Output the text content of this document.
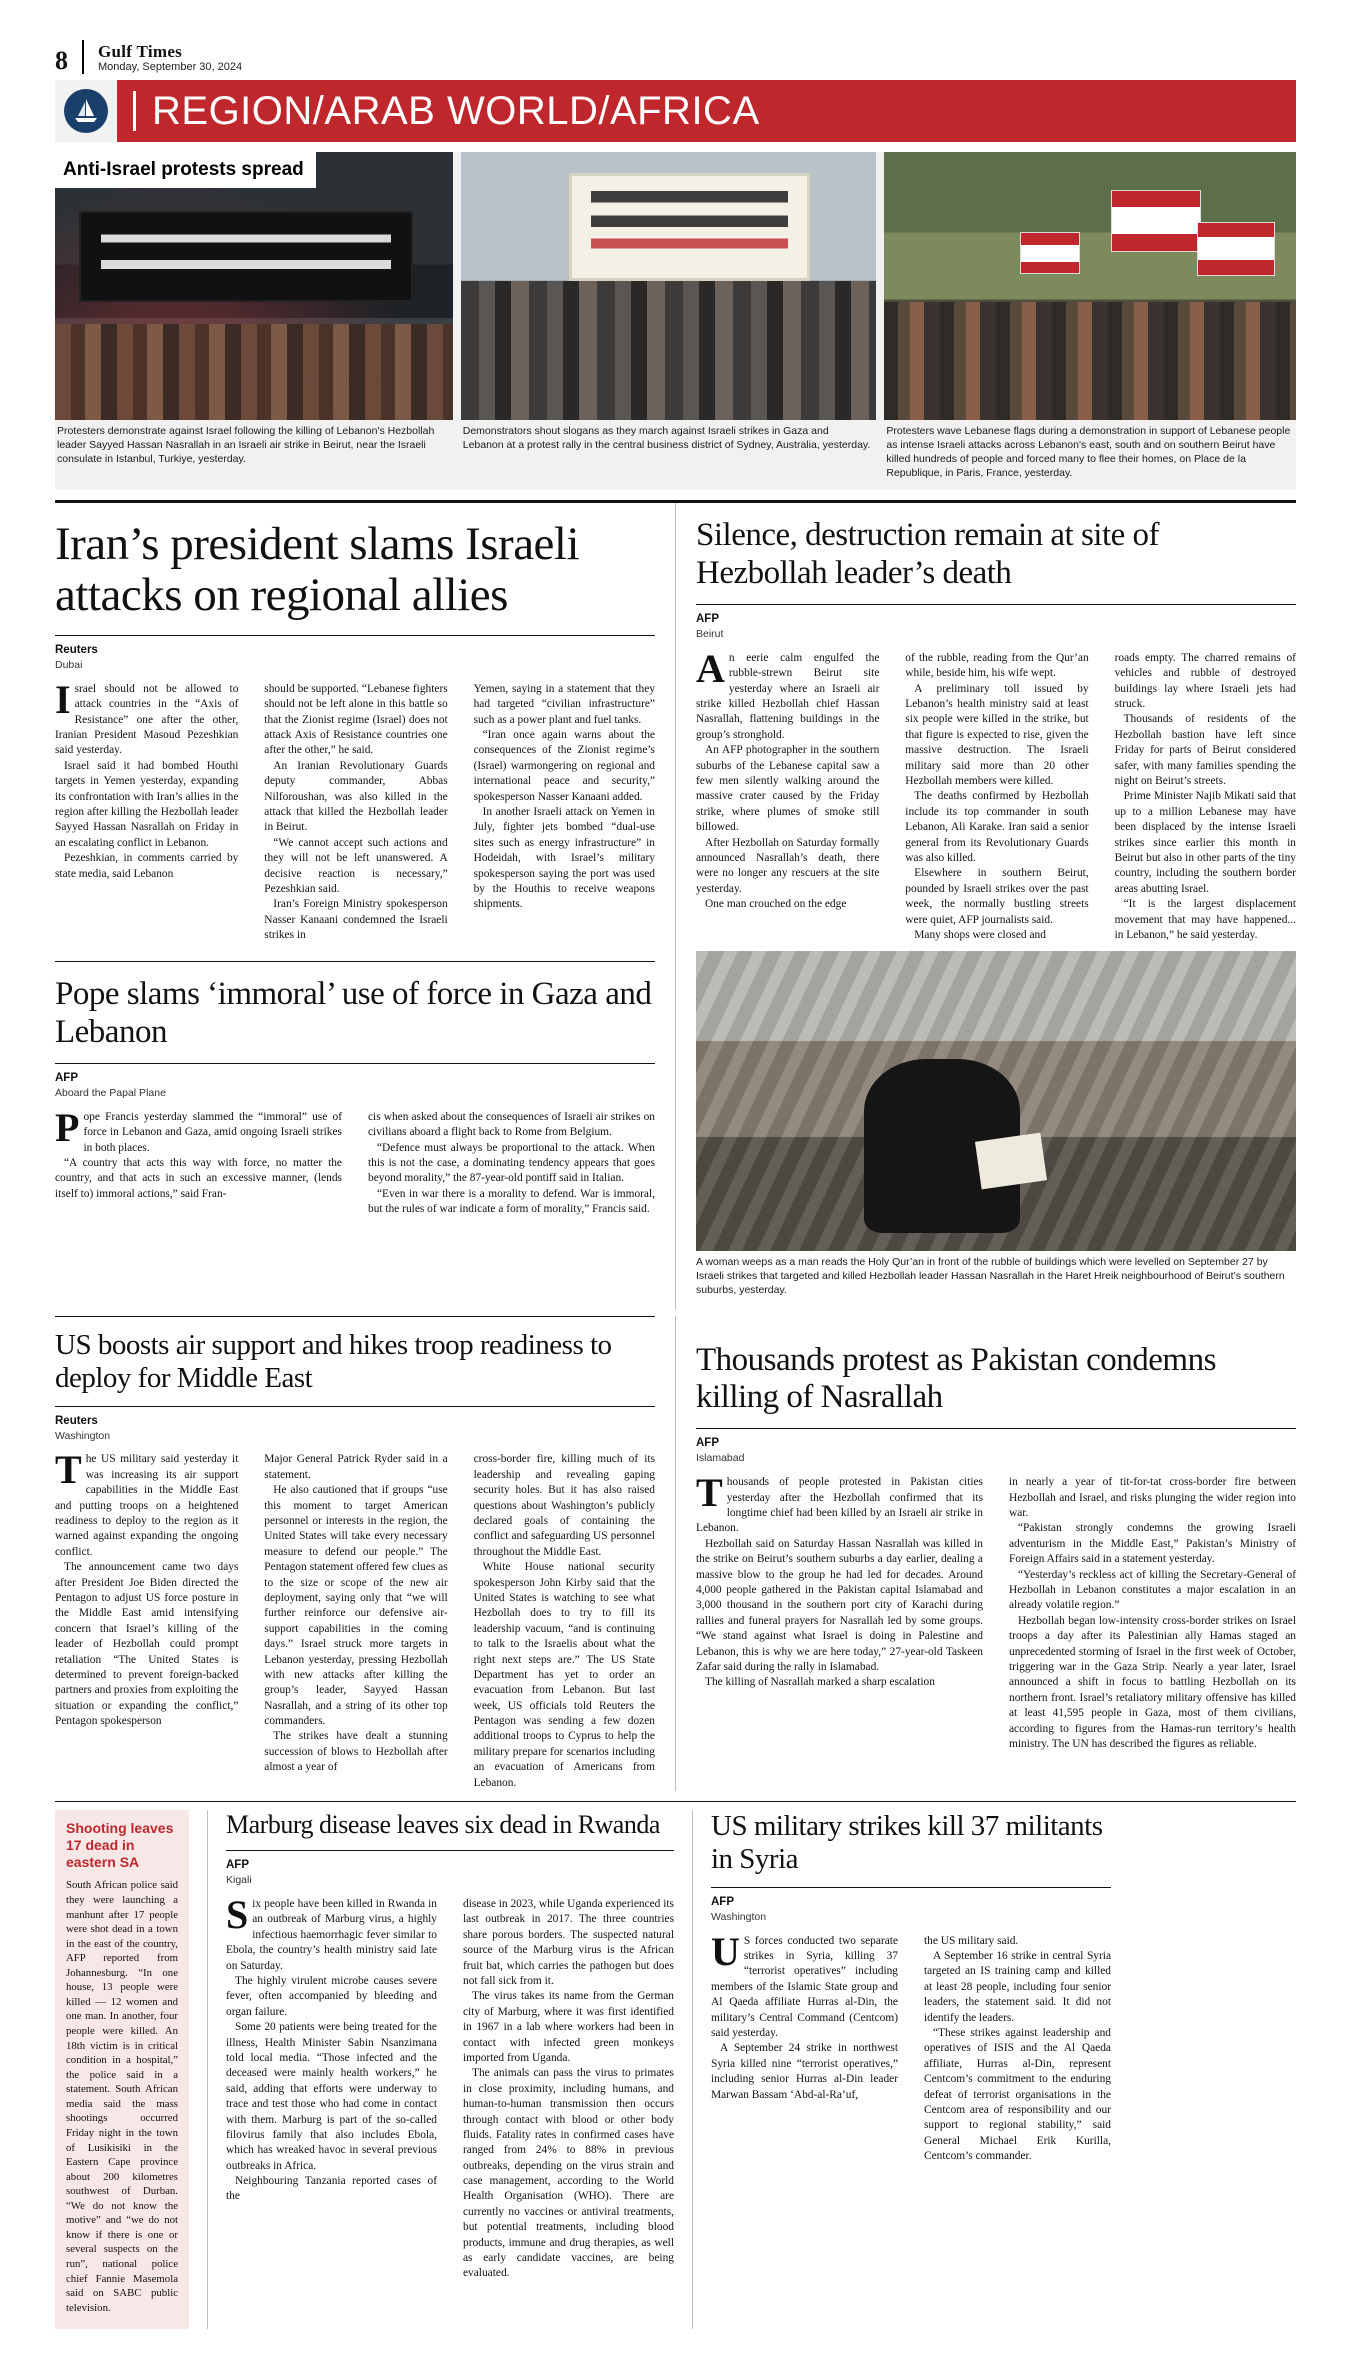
8 Gulf Times
Monday, September 30, 2024
REGION/ARAB WORLD/AFRICA
Anti-Israel protests spread
Protesters demonstrate against Israel following the killing of Lebanon's Hezbollah leader Sayyed Hassan Nasrallah in an Israeli air strike in Beirut, near the Israeli consulate in Istanbul, Turkiye, yesterday.
Demonstrators shout slogans as they march against Israeli strikes in Gaza and Lebanon at a protest rally in the central business district of Sydney, Australia, yesterday.
Protesters wave Lebanese flags during a demonstration in support of Lebanese people as intense Israeli attacks across Lebanon's east, south and on southern Beirut have killed hundreds of people and forced many to flee their homes, on Place de la Republique, in Paris, France, yesterday.
Iran’s president slams Israeli attacks on regional allies
Reuters
Dubai

Israel should not be allowed to attack countries in the “Axis of Resistance” one after the other, Iranian President Masoud Pezeshkian said yesterday.

Israel said it had bombed Houthi targets in Yemen yesterday, expanding its confrontation with Iran’s allies in the region after killing the Hezbollah leader Sayyed Hassan Nasrallah on Friday in an escalating conflict in Lebanon.

Pezeshkian, in comments carried by state media, said Lebanon

should be supported. “Lebanese fighters should not be left alone in this battle so that the Zionist regime (Israel) does not attack Axis of Resistance countries one after the other,” he said.

An Iranian Revolutionary Guards deputy commander, Abbas Nilforoushan, was also killed in the attack that killed the Hezbollah leader in Beirut.

“We cannot accept such actions and they will not be left unanswered. A decisive reaction is necessary,” Pezeshkian said.

Iran’s Foreign Ministry spokesperson Nasser Kanaani condemned the Israeli strikes in

Yemen, saying in a statement that they had targeted “civilian infrastructure” such as a power plant and fuel tanks.

“Iran once again warns about the consequences of the Zionist regime’s (Israel) warmongering on regional and international peace and security,” spokesperson Nasser Kanaani added.

In another Israeli attack on Yemen in July, fighter jets bombed “dual-use sites such as energy infrastructure” in Hodeidah, with Israel’s military spokesperson saying the port was used by the Houthis to receive weapons shipments.

Pope slams ‘immoral’ use of force in Gaza and Lebanon
AFP
Aboard the Papal Plane

Pope Francis yesterday slammed the “immoral” use of force in Lebanon and Gaza, amid ongoing Israeli strikes in both places.

“A country that acts this way with force, no matter the country, and that acts in such an excessive manner, (lends itself to) immoral actions,” said Fran-

cis when asked about the consequences of Israeli air strikes on civilians aboard a flight back to Rome from Belgium.

“Defence must always be proportional to the attack. When this is not the case, a dominating tendency appears that goes beyond morality,” the 87-year-old pontiff said in Italian.

“Even in war there is a morality to defend. War is immoral, but the rules of war indicate a form of morality,” Francis said.

Silence, destruction remain at site of Hezbollah leader’s death
AFP
Beirut

An eerie calm engulfed the rubble-strewn Beirut site yesterday where an Israeli air strike killed Hezbollah chief Hassan Nasrallah, flattening buildings in the group’s stronghold.

An AFP photographer in the southern suburbs of the Lebanese capital saw a few men silently walking around the massive crater caused by the Friday strike, where plumes of smoke still billowed.

After Hezbollah on Saturday formally announced Nasrallah’s death, there were no longer any rescuers at the site yesterday.

One man crouched on the edge

of the rubble, reading from the Qur’an while, beside him, his wife wept.

A preliminary toll issued by Lebanon’s health ministry said at least six people were killed in the strike, but that figure is expected to rise, given the massive destruction. The Israeli military said more than 20 other Hezbollah members were killed.

The deaths confirmed by Hezbollah include its top commander in south Lebanon, Ali Karake. Iran said a senior general from its Revolutionary Guards was also killed.

Elsewhere in southern Beirut, pounded by Israeli strikes over the past week, the normally bustling streets were quiet, AFP journalists said.

Many shops were closed and

roads empty. The charred remains of vehicles and rubble of destroyed buildings lay where Israeli jets had struck.

Thousands of residents of the Hezbollah bastion have left since Friday for parts of Beirut considered safer, with many families spending the night on Beirut’s streets.

Prime Minister Najib Mikati said that up to a million Lebanese may have been displaced by the intense Israeli strikes since earlier this month in Beirut but also in other parts of the tiny country, including the southern border areas abutting Israel.

“It is the largest displacement movement that may have happened... in Lebanon,” he said yesterday.

A woman weeps as a man reads the Holy Qur’an in front of the rubble of buildings which were levelled on September 27 by Israeli strikes that targeted and killed Hezbollah leader Hassan Nasrallah in the Haret Hreik neighbourhood of Beirut’s southern suburbs, yesterday.
US boosts air support and hikes troop readiness to deploy for Middle East
Reuters
Washington

The US military said yesterday it was increasing its air support capabilities in the Middle East and putting troops on a heightened readiness to deploy to the region as it warned against expanding the ongoing conflict.

The announcement came two days after President Joe Biden directed the Pentagon to adjust US force posture in the Middle East amid intensifying concern that Israel’s killing of the leader of Hezbollah could prompt retaliation “The United States is determined to prevent foreign-backed partners and proxies from exploiting the situation or expanding the conflict,” Pentagon spokesperson

Major General Patrick Ryder said in a statement.

He also cautioned that if groups “use this moment to target American personnel or interests in the region, the United States will take every necessary measure to defend our people.” The Pentagon statement offered few clues as to the size or scope of the new air deployment, saying only that “we will further reinforce our defensive air-support capabilities in the coming days.” Israel struck more targets in Lebanon yesterday, pressing Hezbollah with new attacks after killing the group’s leader, Sayyed Hassan Nasrallah, and a string of its other top commanders.

The strikes have dealt a stunning succession of blows to Hezbollah after almost a year of

cross-border fire, killing much of its leadership and revealing gaping security holes. But it has also raised questions about Washington’s publicly declared goals of containing the conflict and safeguarding US personnel throughout the Middle East.

White House national security spokesperson John Kirby said that the United States is watching to see what Hezbollah does to try to fill its leadership vacuum, “and is continuing to talk to the Israelis about what the right next steps are.” The US State Department has yet to order an evacuation from Lebanon. But last week, US officials told Reuters the Pentagon was sending a few dozen additional troops to Cyprus to help the military prepare for scenarios including an evacuation of Americans from Lebanon.

Thousands protest as Pakistan condemns killing of Nasrallah
AFP
Islamabad

Thousands of people protested in Pakistan cities yesterday after the Hezbollah confirmed that its longtime chief had been killed by an Israeli air strike in Lebanon.

Hezbollah said on Saturday Hassan Nasrallah was killed in the strike on Beirut’s southern suburbs a day earlier, dealing a massive blow to the group he had led for decades. Around 4,000 people gathered in the Pakistan capital Islamabad and 3,000 thousand in the southern port city of Karachi during rallies and funeral prayers for Nasrallah led by some groups. “We stand against what Israel is doing in Palestine and Lebanon, this is why we are here today,” 27-year-old Taskeen Zafar said during the rally in Islamabad.

The killing of Nasrallah marked a sharp escalation

in nearly a year of tit-for-tat cross-border fire between Hezbollah and Israel, and risks plunging the wider region into war.

“Pakistan strongly condemns the growing Israeli adventurism in the Middle East,” Pakistan’s Ministry of Foreign Affairs said in a statement yesterday.

“Yesterday’s reckless act of killing the Secretary-General of Hezbollah in Lebanon constitutes a major escalation in an already volatile region.”

Hezbollah began low-intensity cross-border strikes on Israel troops a day after its Palestinian ally Hamas staged an unprecedented storming of Israel in the first week of October, triggering war in the Gaza Strip. Nearly a year later, Israel announced a shift in focus to battling Hezbollah on its northern front. Israel’s retaliatory military offensive has killed at least 41,595 people in Gaza, most of them civilians, according to figures from the Hamas-run territory’s health ministry. The UN has described the figures as reliable.

Shooting leaves 17 dead in eastern SA
South African police said they were launching a manhunt after 17 people were shot dead in a town in the east of the country, AFP reported from Johannesburg. “In one house, 13 people were killed — 12 women and one man. In another, four people were killed. An 18th victim is in critical condition in a hospital,” the police said in a statement. South African media said the mass shootings occurred Friday night in the town of Lusikisiki in the Eastern Cape province about 200 kilometres southwest of Durban. “We do not know the motive” and “we do not know if there is one or several suspects on the run”, national police chief Fannie Masemola said on SABC public television.
Marburg disease leaves six dead in Rwanda
AFP
Kigali

Six people have been killed in Rwanda in an outbreak of Marburg virus, a highly infectious haemorrhagic fever similar to Ebola, the country’s health ministry said late on Saturday.

The highly virulent microbe causes severe fever, often accompanied by bleeding and organ failure.

Some 20 patients were being treated for the illness, Health Minister Sabin Nsanzimana told local media. “Those infected and the deceased were mainly health workers,” he said, adding that efforts were underway to trace and test those who had come in contact with them. Marburg is part of the so-called filovirus family that also includes Ebola, which has wreaked havoc in several previous outbreaks in Africa.

Neighbouring Tanzania reported cases of the

disease in 2023, while Uganda experienced its last outbreak in 2017. The three countries share porous borders. The suspected natural source of the Marburg virus is the African fruit bat, which carries the pathogen but does not fall sick from it.

The virus takes its name from the German city of Marburg, where it was first identified in 1967 in a lab where workers had been in contact with infected green monkeys imported from Uganda.

The animals can pass the virus to primates in close proximity, including humans, and human-to-human transmission then occurs through contact with blood or other body fluids. Fatality rates in confirmed cases have ranged from 24% to 88% in previous outbreaks, depending on the virus strain and case management, according to the World Health Organisation (WHO). There are currently no vaccines or antiviral treatments, but potential treatments, including blood products, immune and drug therapies, as well as early candidate vaccines, are being evaluated.

US military strikes kill 37 militants in Syria
AFP
Washington

US forces conducted two separate strikes in Syria, killing 37 “terrorist operatives” including members of the Islamic State group and Al Qaeda affiliate Hurras al-Din, the military’s Central Command (Centcom) said yesterday.

A September 24 strike in northwest Syria killed nine “terrorist operatives,” including senior Hurras al-Din leader Marwan Bassam ‘Abd-al-Ra’uf,

the US military said.

A September 16 strike in central Syria targeted an IS training camp and killed at least 28 people, including four senior leaders, the statement said. It did not identify the leaders.

“These strikes against leadership and operatives of ISIS and the Al Qaeda affiliate, Hurras al-Din, represent Centcom’s commitment to the enduring defeat of terrorist organisations in the Centcom area of responsibility and our support to regional stability,” said General Michael Erik Kurilla, Centcom’s commander.
